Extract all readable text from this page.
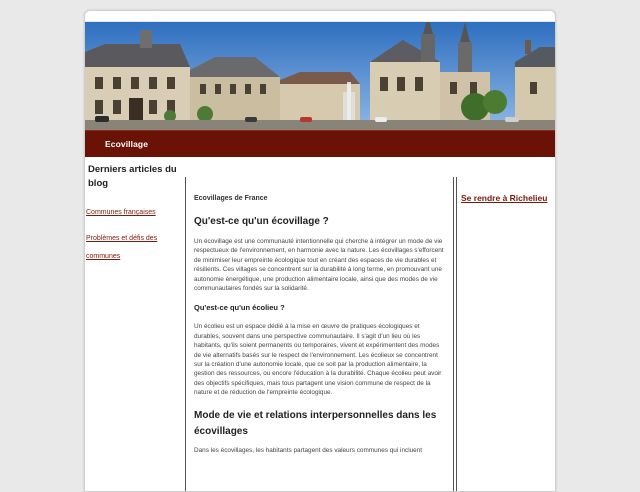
Ecovillage
Derniers articles du blog
Communes françaises
Problèmes et défis des communes
Ecovillages de France
Qu'est-ce qu'un écovillage ?

Un écovillage est une communauté intentionnelle qui cherche à intégrer un mode de vie respectueux de l'environnement, en harmonie avec la nature. Les écovillages s'efforcent de minimiser leur empreinte écologique tout en créant des espaces de vie durables et résilients. Ces villages se concentrent sur la durabilité à long terme, en promouvant une autonomie énergétique, une production alimentaire locale, ainsi que des modes de vie communautaires fondés sur la solidarité.

Qu'est-ce qu'un écolieu ?

Un écolieu est un espace dédié à la mise en œuvre de pratiques écologiques et durables, souvent dans une perspective communautaire. Il s'agit d'un lieu où les habitants, qu'ils soient permanents ou temporaires, vivent et expérimentent des modes de vie alternatifs basés sur le respect de l'environnement. Les écolieux se concentrent sur la création d'une autonomie locale, que ce soit par la production alimentaire, la gestion des ressources, ou encore l'éducation à la durabilité. Chaque écolieu peut avoir des objectifs spécifiques, mais tous partagent une vision commune de respect de la nature et de réduction de l'empreinte écologique.

Mode de vie et relations interpersonnelles dans les écovillages

Dans les écovillages, les habitants partagent des valeurs communes qui incluent

Se rendre à Richelieu
